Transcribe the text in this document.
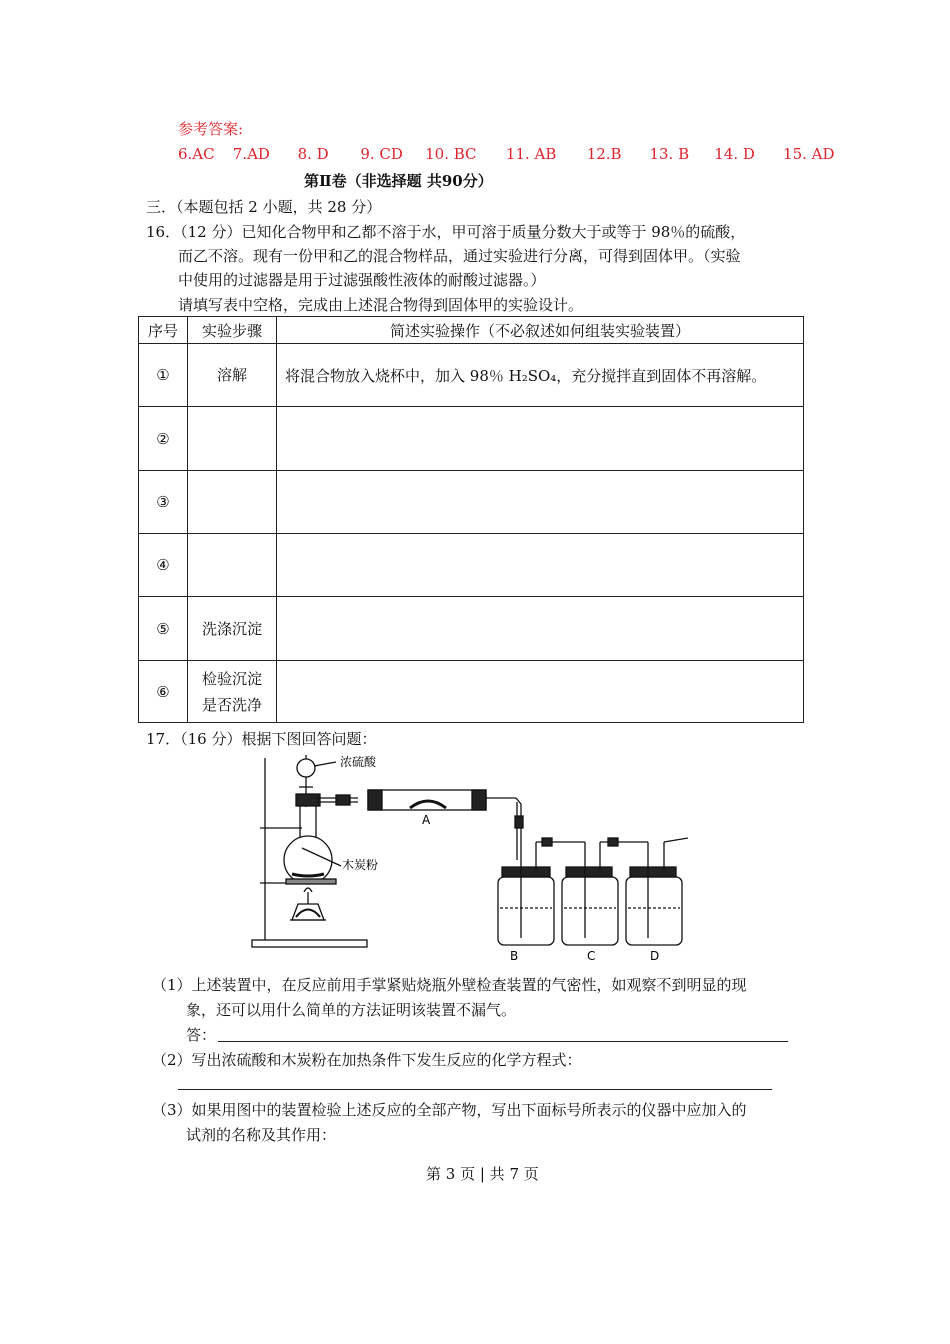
参考答案:
6.AC 7.AD 8. D 9. CD 10. BC 11. AB 12.B 13. B 14. D 15. AD
第Ⅱ卷（非选择题 共90分）
三．（本题包括 2 小题，共 28 分）
16．（12 分）已知化合物甲和乙都不溶于水，甲可溶于质量分数大于或等于 98％的硫酸，
而乙不溶。现有一份甲和乙的混合物样品，通过实验进行分离，可得到固体甲。（实验
中使用的过滤器是用于过滤强酸性液体的耐酸过滤器。）
请填写表中空格，完成由上述混合物得到固体甲的实验设计。
序号	实验步骤	简述实验操作（不必叙述如何组装实验装置）
①	溶解	将混合物放入烧杯中，加入 98％ H₂SO₄，充分搅拌直到固体不再溶解。
②		
③		
④		
⑤	洗涤沉淀	
⑥	检验沉淀
是否洗净	
17．（16 分）根据下图回答问题：
浓硫酸
木炭粉
A
B	C	D
（1）上述装置中，在反应前用手掌紧贴烧瓶外壁检查装置的气密性，如观察不到明显的现
象，还可以用什么简单的方法证明该装置不漏气。
答：
（2）写出浓硫酸和木炭粉在加热条件下发生反应的化学方程式：
（3）如果用图中的装置检验上述反应的全部产物，写出下面标号所表示的仪器中应加入的
试剂的名称及其作用：
第 3 页 | 共 7 页
